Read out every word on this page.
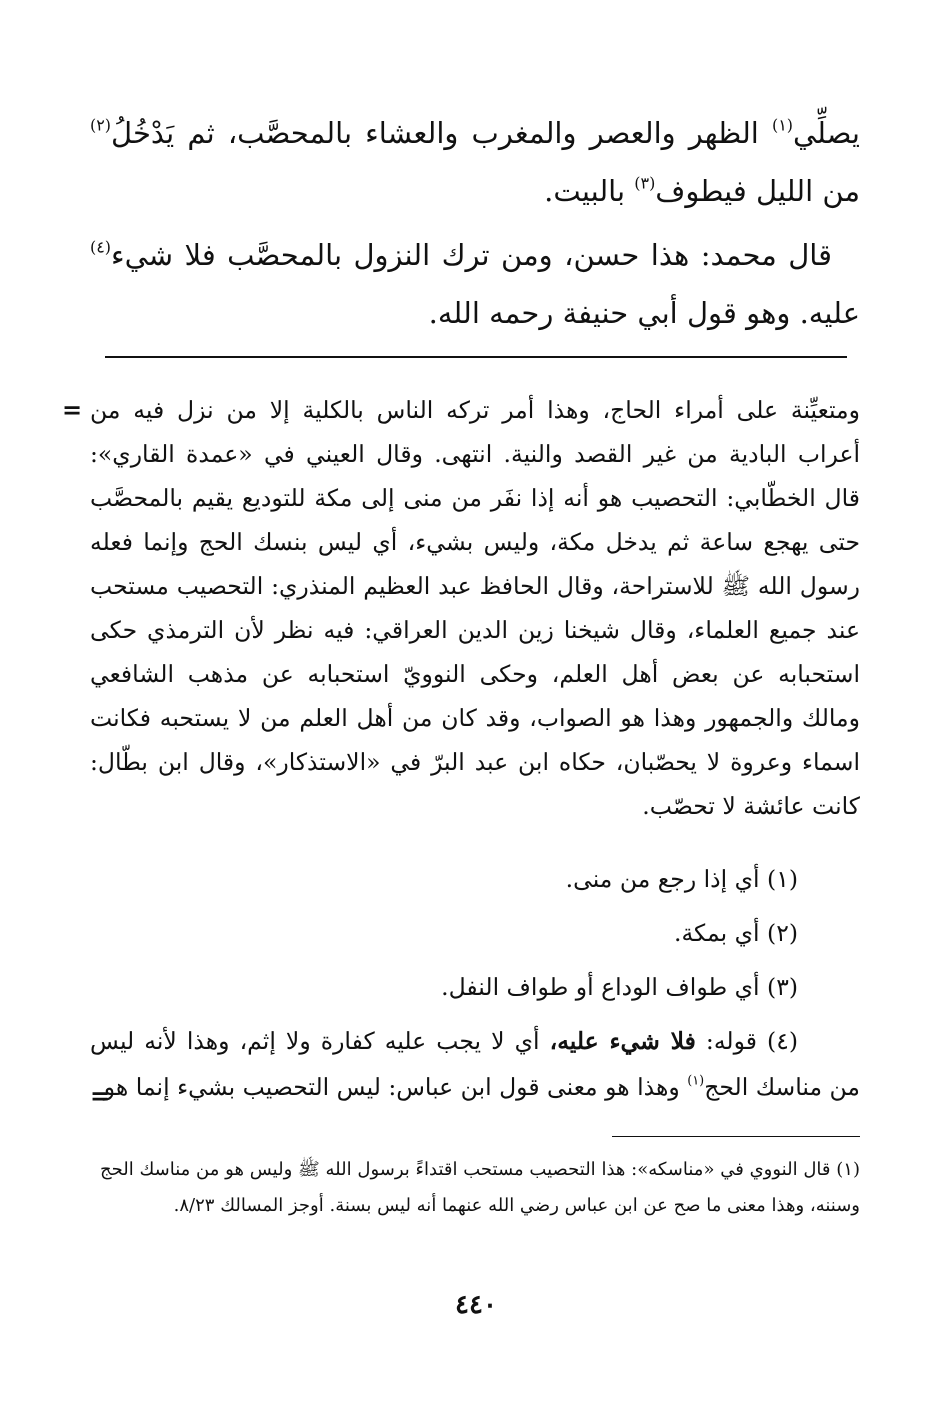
يصلِّي$^{(١)}$ الظهر والعصر والمغرب والعشاء بالمحصَّب، ثم يَدْخُلُ$^{(٢)}$ من الليل فيطوف$^{(٣)}$ بالبيت.

قال محمد: هذا حسن، ومن ترك النزول بالمحصَّب فلا شيء$^{(٤)}$ عليه. وهو قول أبي حنيفة رحمه الله.

= ومتعيِّنة على أمراء الحاج، وهذا أمر تركه الناس بالكلية إلا من نزل فيه من أعراب البادية من غير القصد والنية. انتهى. وقال العيني في «عمدة القاري»: قال الخطّابي: التحصيب هو أنه إذا نفَر من منى إلى مكة للتوديع يقيم بالمحصَّب حتى يهجع ساعة ثم يدخل مكة، وليس بشيء، أي ليس بنسك الحج وإنما فعله رسول الله ﷺ للاستراحة، وقال الحافظ عبد العظيم المنذري: التحصيب مستحب عند جميع العلماء، وقال شيخنا زين الدين العراقي: فيه نظر لأن الترمذي حكى استحبابه عن بعض أهل العلم، وحكى النوويّ استحبابه عن مذهب الشافعي ومالك والجمهور وهذا هو الصواب، وقد كان من أهل العلم من لا يستحبه فكانت اسماء وعروة لا يحصّبان، حكاه ابن عبد البرّ في «الاستذكار»، وقال ابن بطّال: كانت عائشة لا تحصّب.

(١) أي إذا رجع من منى.

(٢) أي بمكة.

(٣) أي طواف الوداع أو طواف النفل.

(٤) قوله: فلا شيء عليه، أي لا يجب عليه كفارة ولا إثم، وهذا لأنه ليس من مناسك الحج$^{(١)}$ وهذا هو معنى قول ابن عباس: ليس التحصيب بشيء إنما هو

=

(١) قال النووي في «مناسكه»: هذا التحصيب مستحب اقتداءً برسول الله ﷺ وليس هو من مناسك الحج وسننه، وهذا معنى ما صح عن ابن عباس رضي الله عنهما أنه ليس بسنة. أوجز المسالك ٨/٢٣.

٤٤٠
